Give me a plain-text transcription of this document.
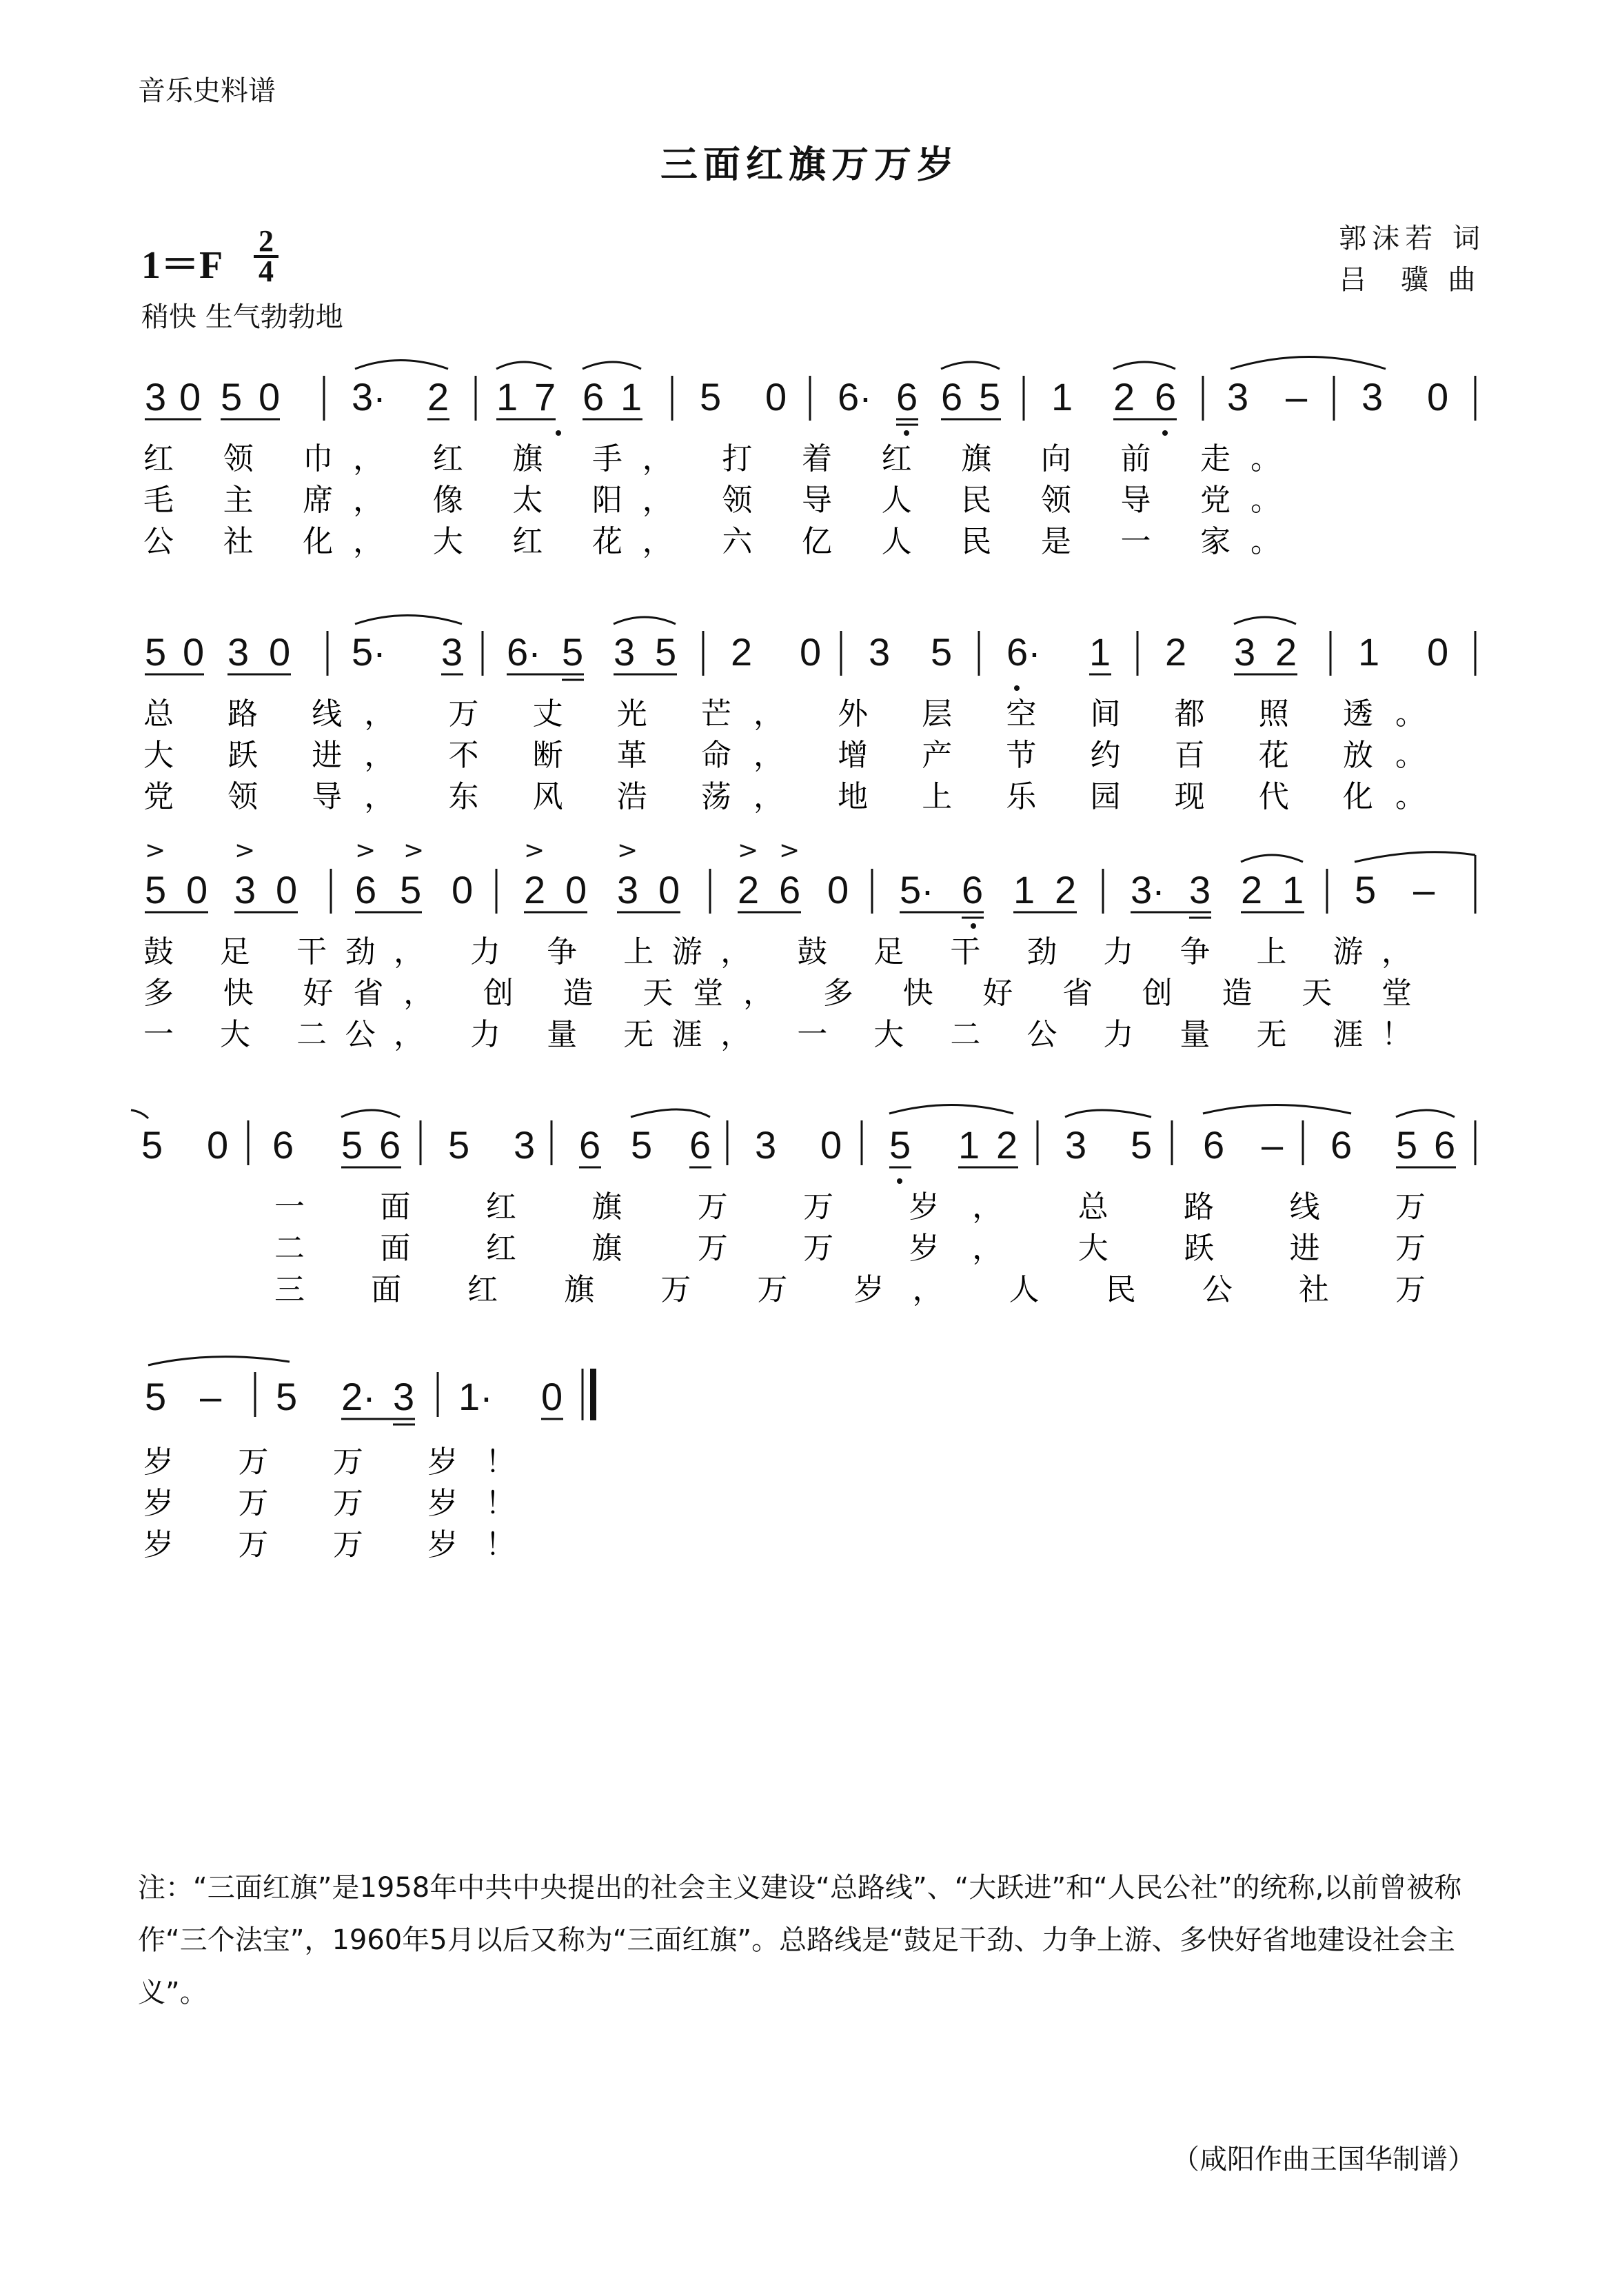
音乐史料谱
三面红旗万万岁
郭沫若 词
吕  骥 曲
1＝F
2
4
稍快 生气勃勃地
3 0 5 0 3· 2 1 7 6 1 5 0 6· 6 6 5 1 2 6 3 – 3 0
红 领 巾， 红 旗 手， 打 着 红 旗 向 前 走。
毛 主 席， 像 太 阳， 领 导 人 民 领 导 党。
公 社 化， 大 红 花， 六 亿 人 民 是 一 家。
5 0 3 0 5· 3 6· 5 3 5 2 0 3 5 6· 1 2 3 2 1 0
总 路 线， 万 丈 光 芒， 外 层 空 间 都 照 透。
大 跃 进， 不 断 革 命， 增 产 节 约 百 花 放。
党 领 导， 东 风 浩 荡， 地 上 乐 园 现 代 化。
>	>	> >	>	>	> >
5 0 3 0 6 5 0 2 0 3 0 2 6 0 5· 6 1 2 3· 3 2 1 5 –
鼓 足 干劲， 力 争 上游， 鼓 足 干 劲 力 争 上 游，
多 快 好省， 创 造 天堂， 多 快 好 省 创 造 天 堂
一 大 二公， 力 量 无涯， 一 大 二 公 力 量 无 涯！
5 0 6 5 6 5 3 6 5 6 3 0 5 1 2 3 5 6 – 6 5 6
一 面 红 旗 万 万 岁， 总 路 线 万
二 面 红 旗 万 万 岁， 大 跃 进 万
三 面 红 旗 万 万 岁， 人 民 公 社 万
5 – 5 2· 3 1· 0
岁 万 万 岁！
岁 万 万 岁！
岁 万 万 岁！
注：“三面红旗”是1958年中共中央提出的社会主义建设“总路线”、“大跃进”和“人民公社”的统称,以前曾被称作“三个法宝”，1960年5月以后又称为“三面红旗”。总路线是“鼓足干劲、力争上游、多快好省地建设社会主义”。
（咸阳作曲王国华制谱）
